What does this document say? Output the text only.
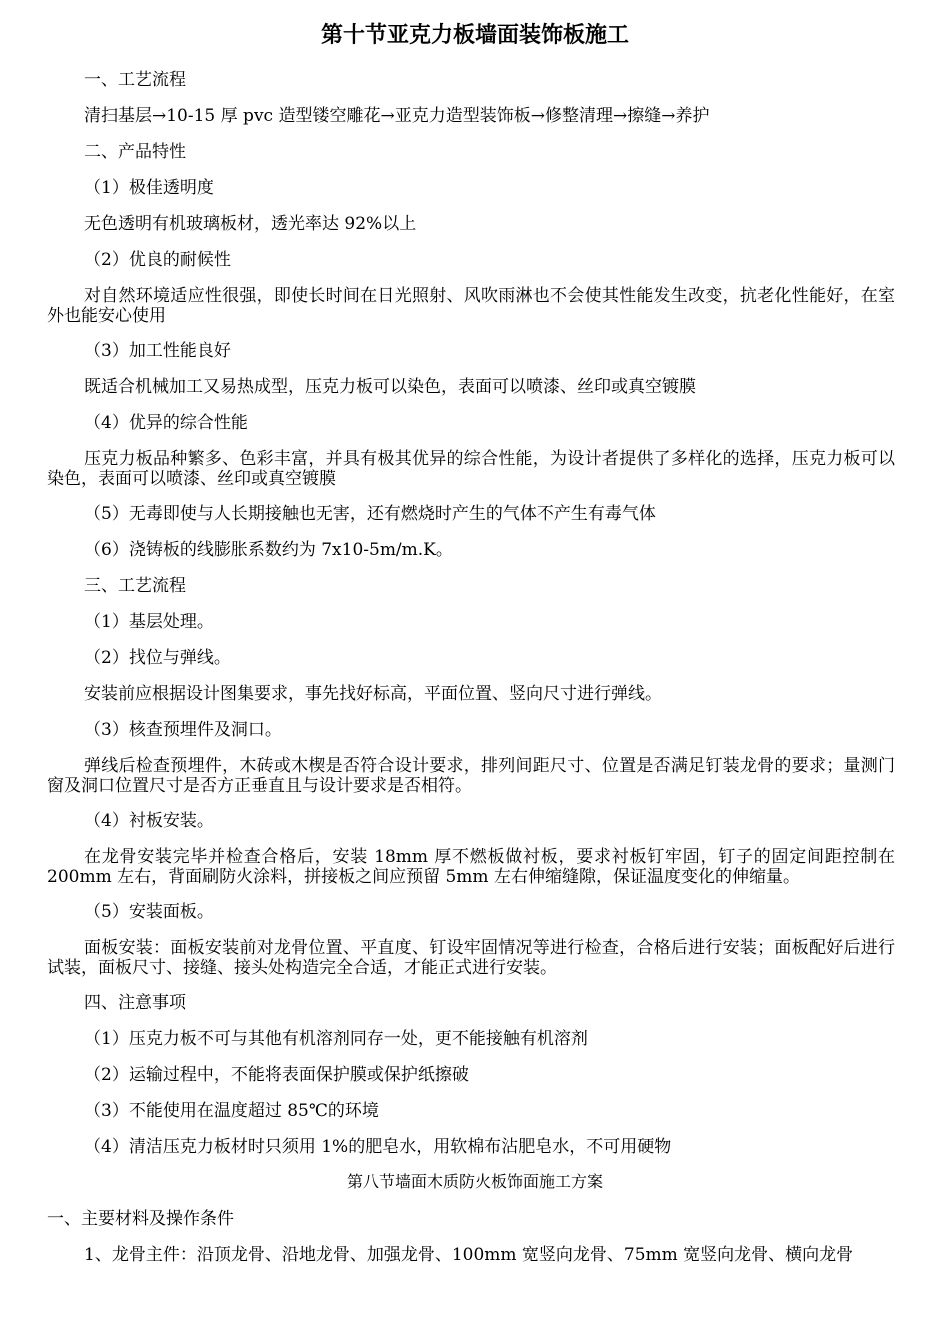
第十节亚克力板墙面装饰板施工
一、工艺流程
清扫基层→10-15 厚 pvc 造型镂空雕花→亚克力造型装饰板→修整清理→擦缝→养护
二、产品特性
（1）极佳透明度
无色透明有机玻璃板材，透光率达 92%以上
（2）优良的耐候性
对自然环境适应性很强，即使长时间在日光照射、风吹雨淋也不会使其性能发生改变，抗老化性能好，在室外也能安心使用
（3）加工性能良好
既适合机械加工又易热成型，压克力板可以染色，表面可以喷漆、丝印或真空镀膜
（4）优异的综合性能
压克力板品种繁多、色彩丰富，并具有极其优异的综合性能，为设计者提供了多样化的选择，压克力板可以染色，表面可以喷漆、丝印或真空镀膜
（5）无毒即使与人长期接触也无害，还有燃烧时产生的气体不产生有毒气体
（6）浇铸板的线膨胀系数约为 7x10-5m/m.K。
三、工艺流程
（1）基层处理。
（2）找位与弹线。
安装前应根据设计图集要求，事先找好标高，平面位置、竖向尺寸进行弹线。
（3）核查预埋件及洞口。
弹线后检查预埋件，木砖或木楔是否符合设计要求，排列间距尺寸、位置是否满足钉装龙骨的要求；量测门窗及洞口位置尺寸是否方正垂直且与设计要求是否相符。
（4）衬板安装。
在龙骨安装完毕并检查合格后，安装 18mm 厚不燃板做衬板，要求衬板钉牢固，钉子的固定间距控制在 200mm 左右，背面刷防火涂料，拼接板之间应预留 5mm 左右伸缩缝隙，保证温度变化的伸缩量。
（5）安装面板。
面板安装：面板安装前对龙骨位置、平直度、钉设牢固情况等进行检查，合格后进行安装；面板配好后进行试装，面板尺寸、接缝、接头处构造完全合适，才能正式进行安装。
四、注意事项
（1）压克力板不可与其他有机溶剂同存一处，更不能接触有机溶剂
（2）运输过程中，不能将表面保护膜或保护纸擦破
（3）不能使用在温度超过 85℃的环境
（4）清洁压克力板材时只须用 1%的肥皂水，用软棉布沾肥皂水，不可用硬物
第八节墙面木质防火板饰面施工方案
一、主要材料及操作条件
1、龙骨主件：沿顶龙骨、沿地龙骨、加强龙骨、100mm 宽竖向龙骨、75mm 宽竖向龙骨、横向龙骨
